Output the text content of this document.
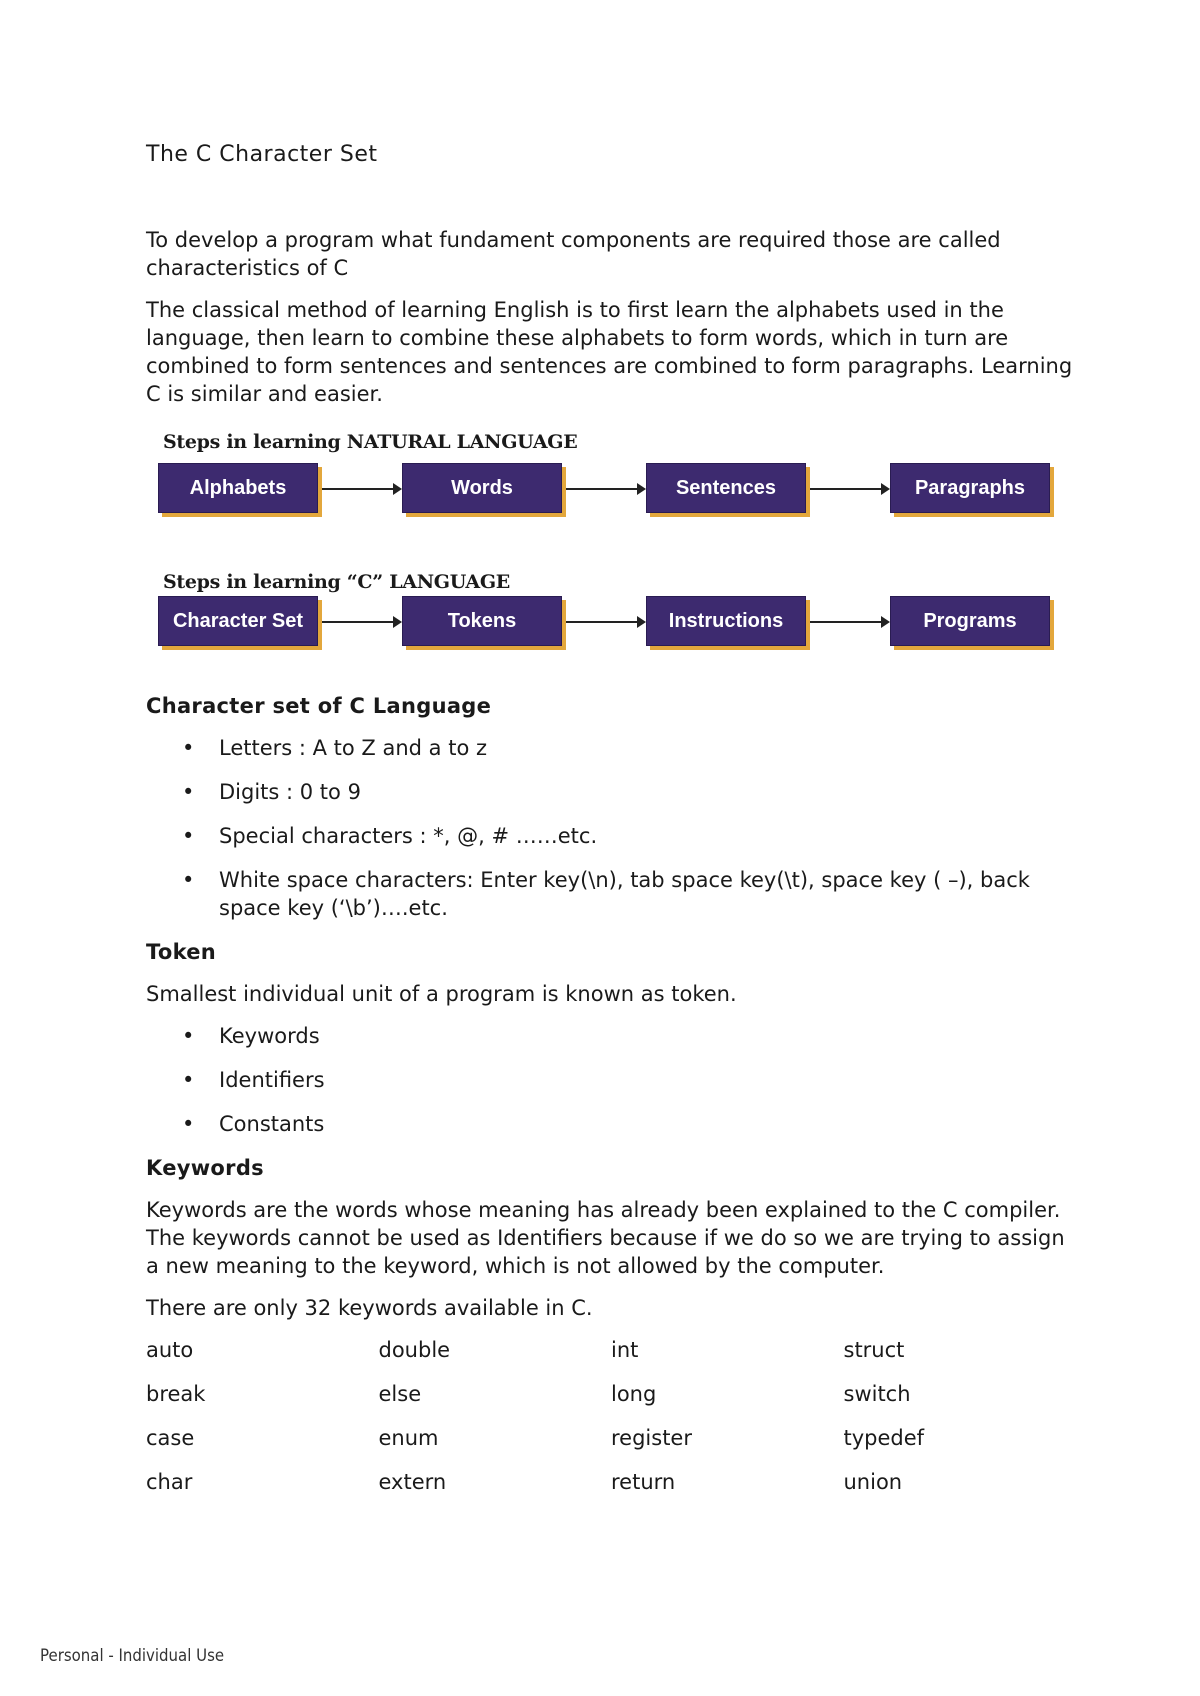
The C Character Set

To develop a program what fundament components are required those are called characteristics of C

The classical method of learning English is to first learn the alphabets used in the language, then learn to combine these alphabets to form words, which in turn are combined to form sentences and sentences are combined to form paragraphs. Learning C is similar and easier.

Steps in learning NATURAL LANGUAGE
Alphabets	Words	Sentences	Paragraphs
Steps in learning “C” LANGUAGE
Character Set	Tokens	Instructions	Programs
Character set of C Language
• Letters : A to Z and a to z
• Digits : 0 to 9
• Special characters : *, @, # ……etc.
• White space characters: Enter key(\n), tab space key(\t), space key ( –), back space key (‘\b’)….etc.
Token

Smallest individual unit of a program is known as token.

• Keywords
• Identifiers
• Constants
Keywords

Keywords are the words whose meaning has already been explained to the C compiler. The keywords cannot be used as Identifiers because if we do so we are trying to assign a new meaning to the keyword, which is not allowed by the computer.

There are only 32 keywords available in C.

auto	double	int	struct
break	else	long	switch
case	enum	register	typedef
char	extern	return	union
Personal - Individual Use
